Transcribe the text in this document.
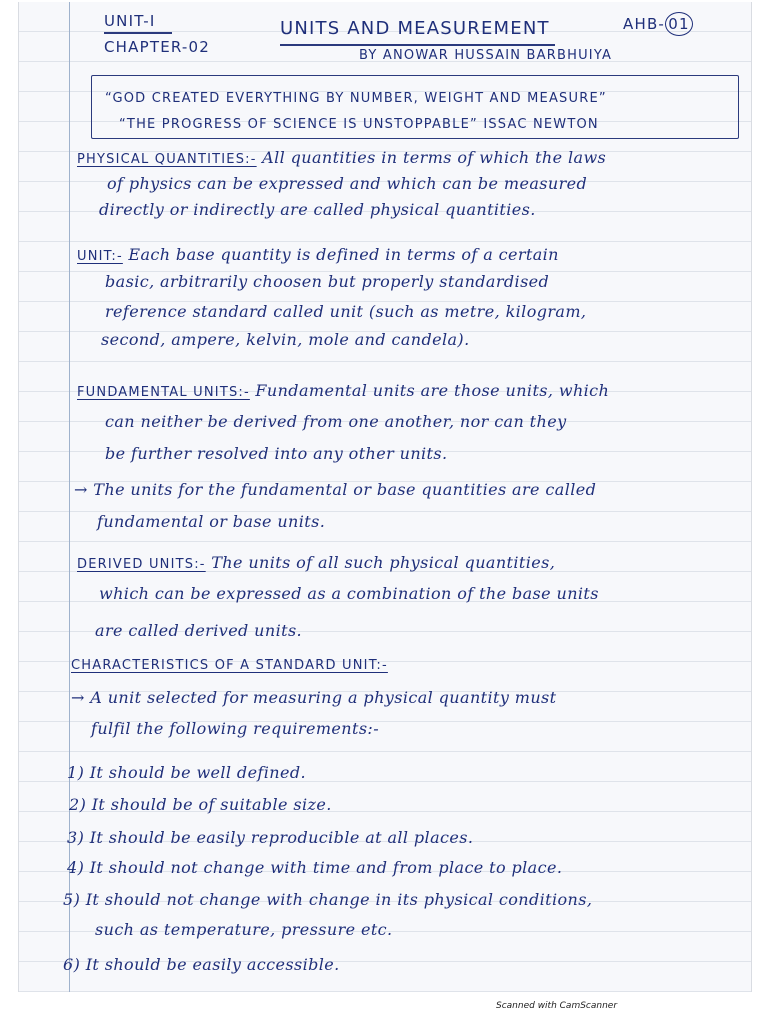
UNIT-I
CHAPTER-02
UNITS AND MEASUREMENT
BY ANOWAR HUSSAIN BARBHUIYA
AHB- 01
“GOD CREATED EVERYTHING BY NUMBER, WEIGHT AND MEASURE”
“THE PROGRESS OF SCIENCE IS UNSTOPPABLE” ISSAC NEWTON
PHYSICAL QUANTITIES:- All quantities in terms of which the laws
of physics can be expressed and which can be measured
directly or indirectly are called physical quantities.
UNIT:- Each base quantity is defined in terms of a certain
basic, arbitrarily choosen but properly standardised
reference standard called unit (such as metre, kilogram,
second, ampere, kelvin, mole and candela).
FUNDAMENTAL UNITS:- Fundamental units are those units, which
can neither be derived from one another, nor can they
be further resolved into any other units.
→ The units for the fundamental or base quantities are called
fundamental or base units.
DERIVED UNITS:- The units of all such physical quantities,
which can be expressed as a combination of the base units
are called derived units.
CHARACTERISTICS OF A STANDARD UNIT:-
→ A unit selected for measuring a physical quantity must
fulfil the following requirements:-
1) It should be well defined.
2) It should be of suitable size.
3) It should be easily reproducible at all places.
4) It should not change with time and from place to place.
5) It should not change with change in its physical conditions,
such as temperature, pressure etc.
6) It should be easily accessible.
Scanned with CamScanner
